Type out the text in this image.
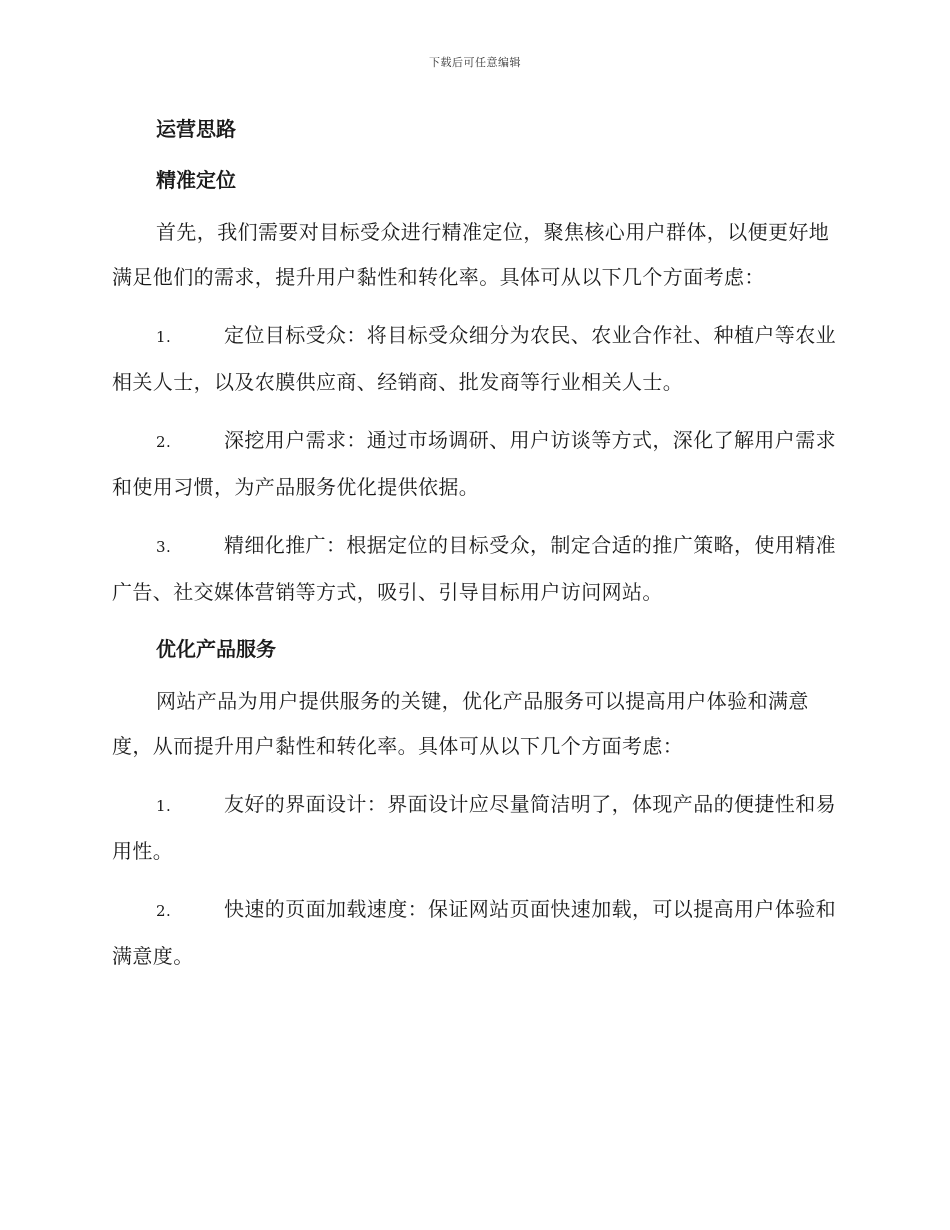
下载后可任意编辑
运营思路
精准定位

首先，我们需要对目标受众进行精准定位，聚焦核心用户群体，以便更好地满足他们的需求，提升用户黏性和转化率。具体可从以下几个方面考虑：

1.	定位目标受众：将目标受众细分为农民、农业合作社、种植户等农业相关人士，以及农膜供应商、经销商、批发商等行业相关人士。

2.	深挖用户需求：通过市场调研、用户访谈等方式，深化了解用户需求和使用习惯，为产品服务优化提供依据。

3.	精细化推广：根据定位的目标受众，制定合适的推广策略，使用精准广告、社交媒体营销等方式，吸引、引导目标用户访问网站。

优化产品服务

网站产品为用户提供服务的关键，优化产品服务可以提高用户体验和满意度，从而提升用户黏性和转化率。具体可从以下几个方面考虑：

1.	友好的界面设计：界面设计应尽量简洁明了，体现产品的便捷性和易用性。

2.	快速的页面加载速度：保证网站页面快速加载，可以提高用户体验和满意度。
